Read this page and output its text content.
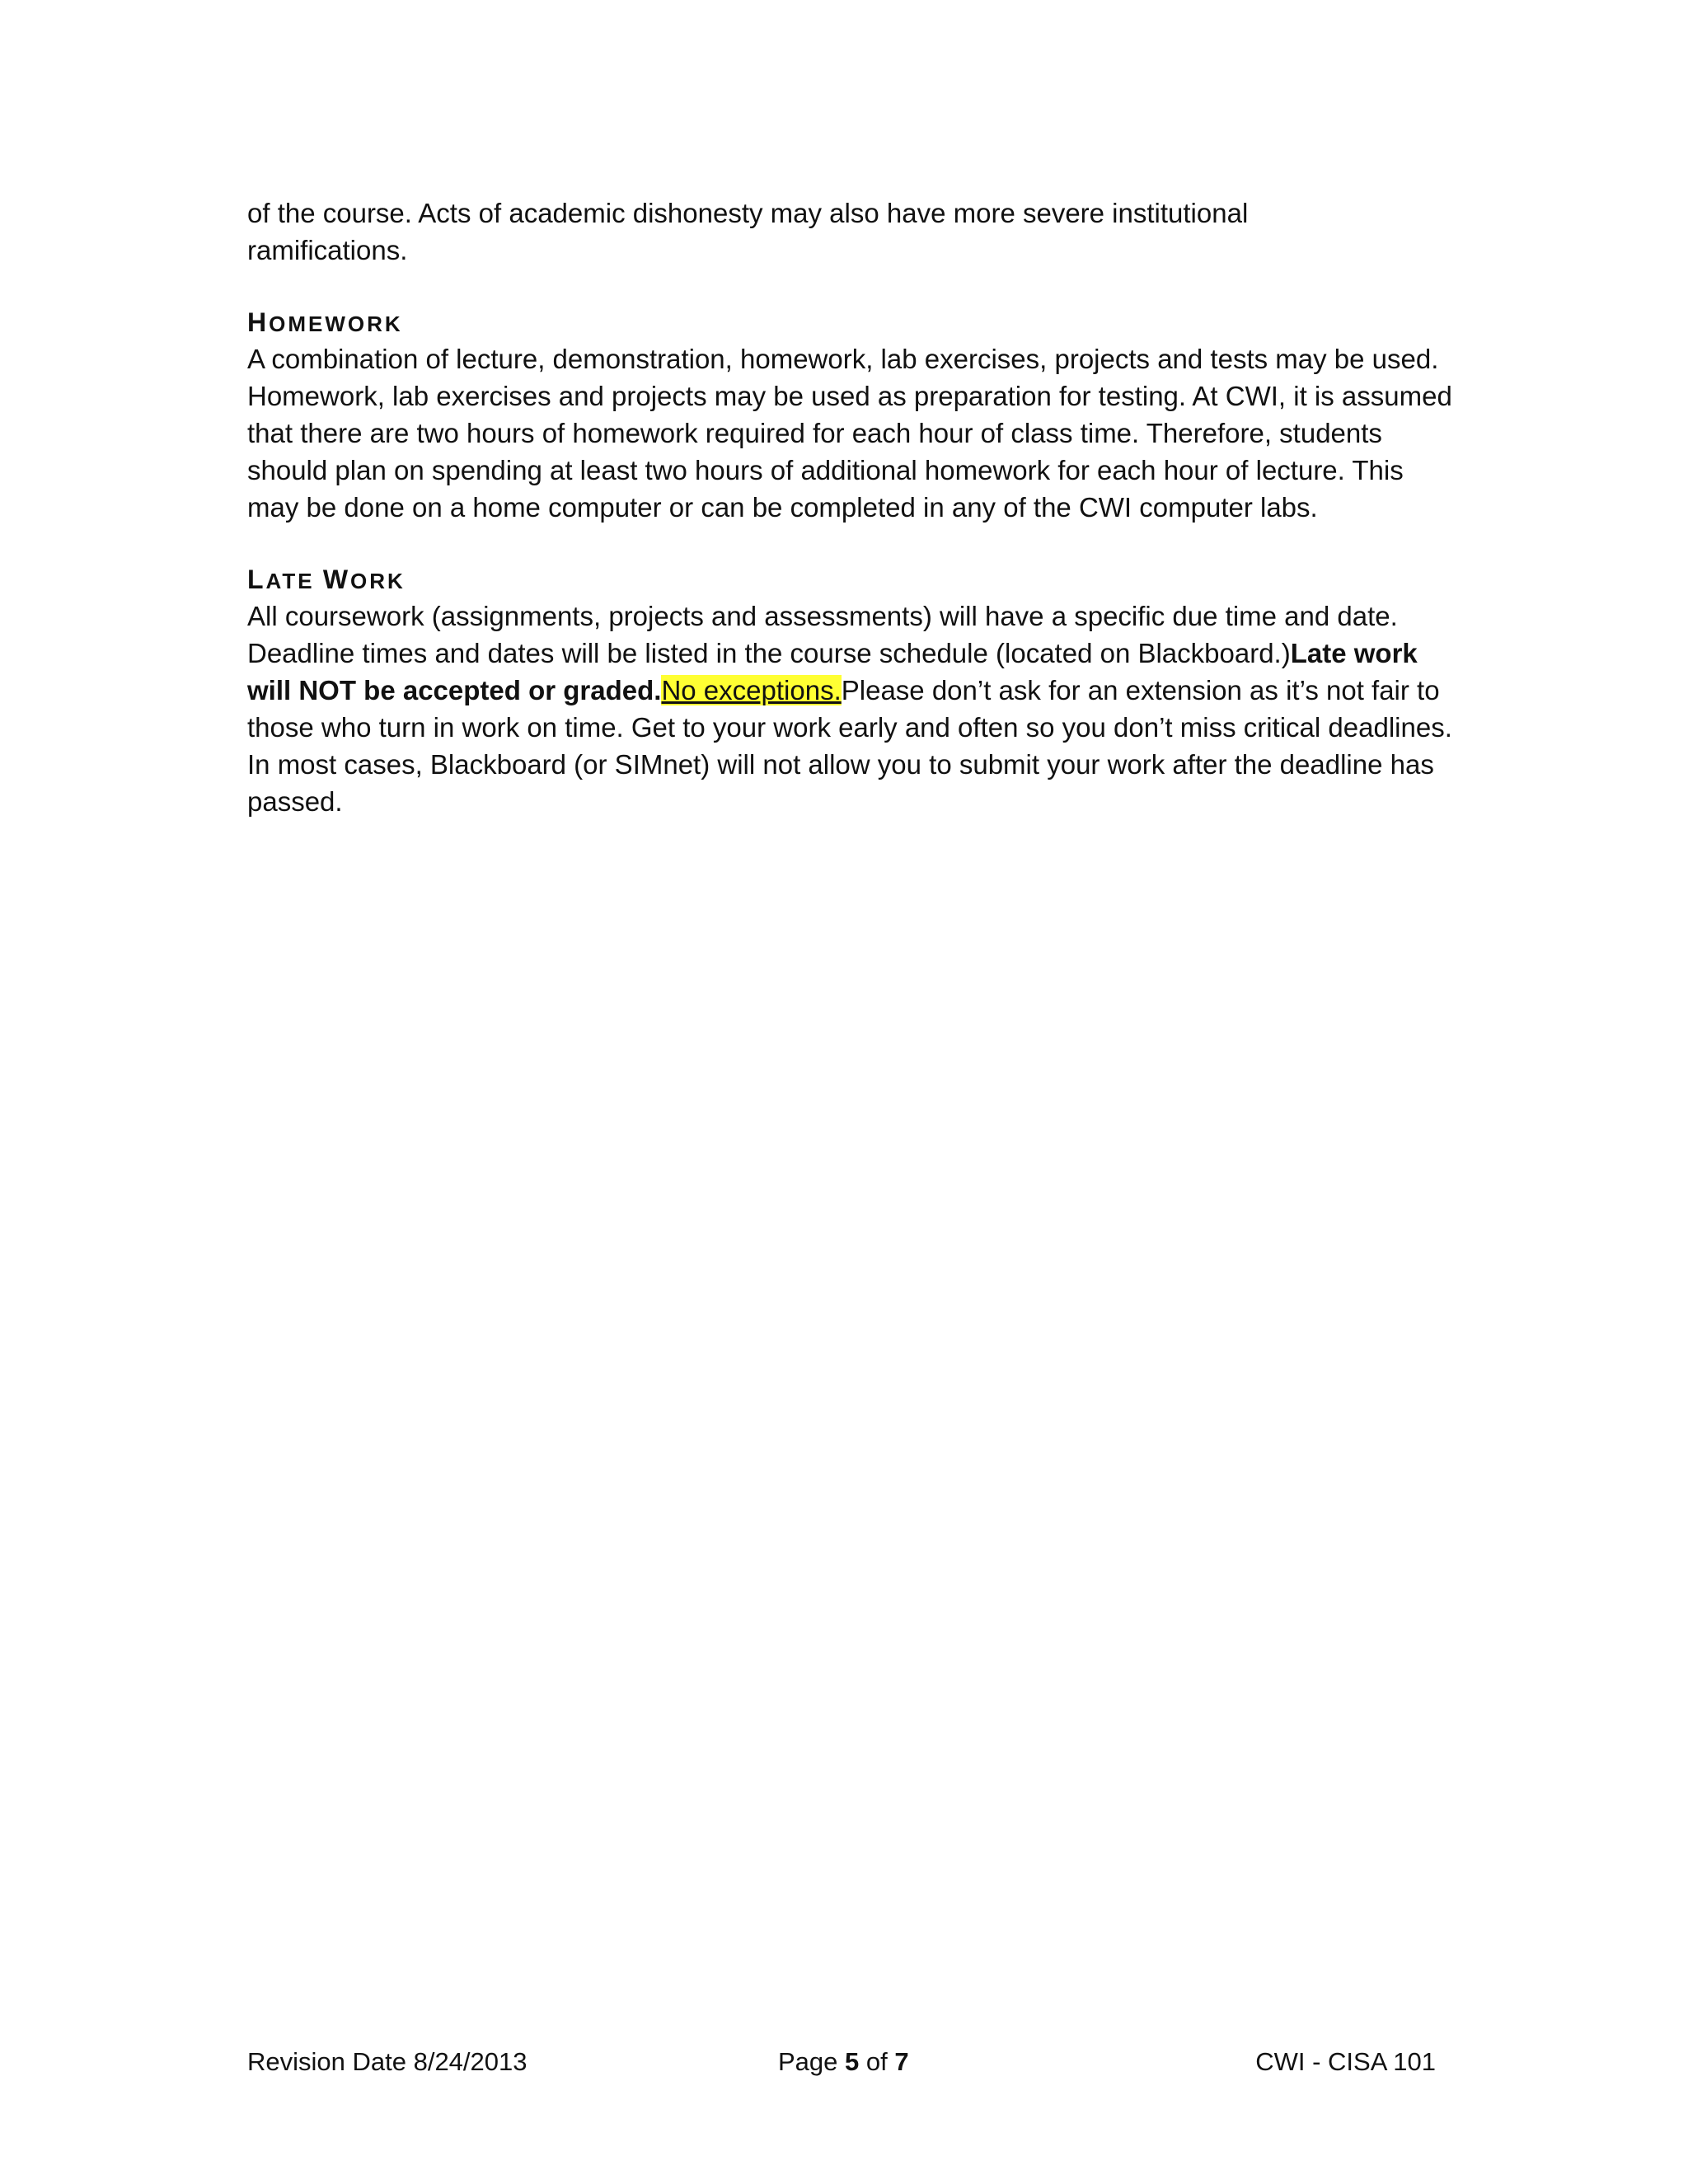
of the course. Acts of academic dishonesty may also have more severe institutional
ramifications.

HOMEWORK

A combination of lecture, demonstration, homework, lab exercises, projects and tests may be used. Homework, lab exercises and projects may be used as preparation for testing. At CWI, it is assumed that there are two hours of homework required for each hour of class time. Therefore, students should plan on spending at least two hours of additional homework for each hour of lecture. This may be done on a home computer or can be completed in any of the CWI computer labs.

LATE WORK

All coursework (assignments, projects and assessments) will have a specific due time and date. Deadline times and dates will be listed in the course schedule (located on Blackboard.)Late work will NOT be accepted or graded.No exceptions.Please don’t ask for an extension as it’s not fair to those who turn in work on time. Get to your work early and often so you don’t miss critical deadlines. In most cases, Blackboard (or SIMnet) will not allow you to submit your work after the deadline has passed.

Revision Date 8/24/2013	Page 5 of 7	CWI - CISA 101
